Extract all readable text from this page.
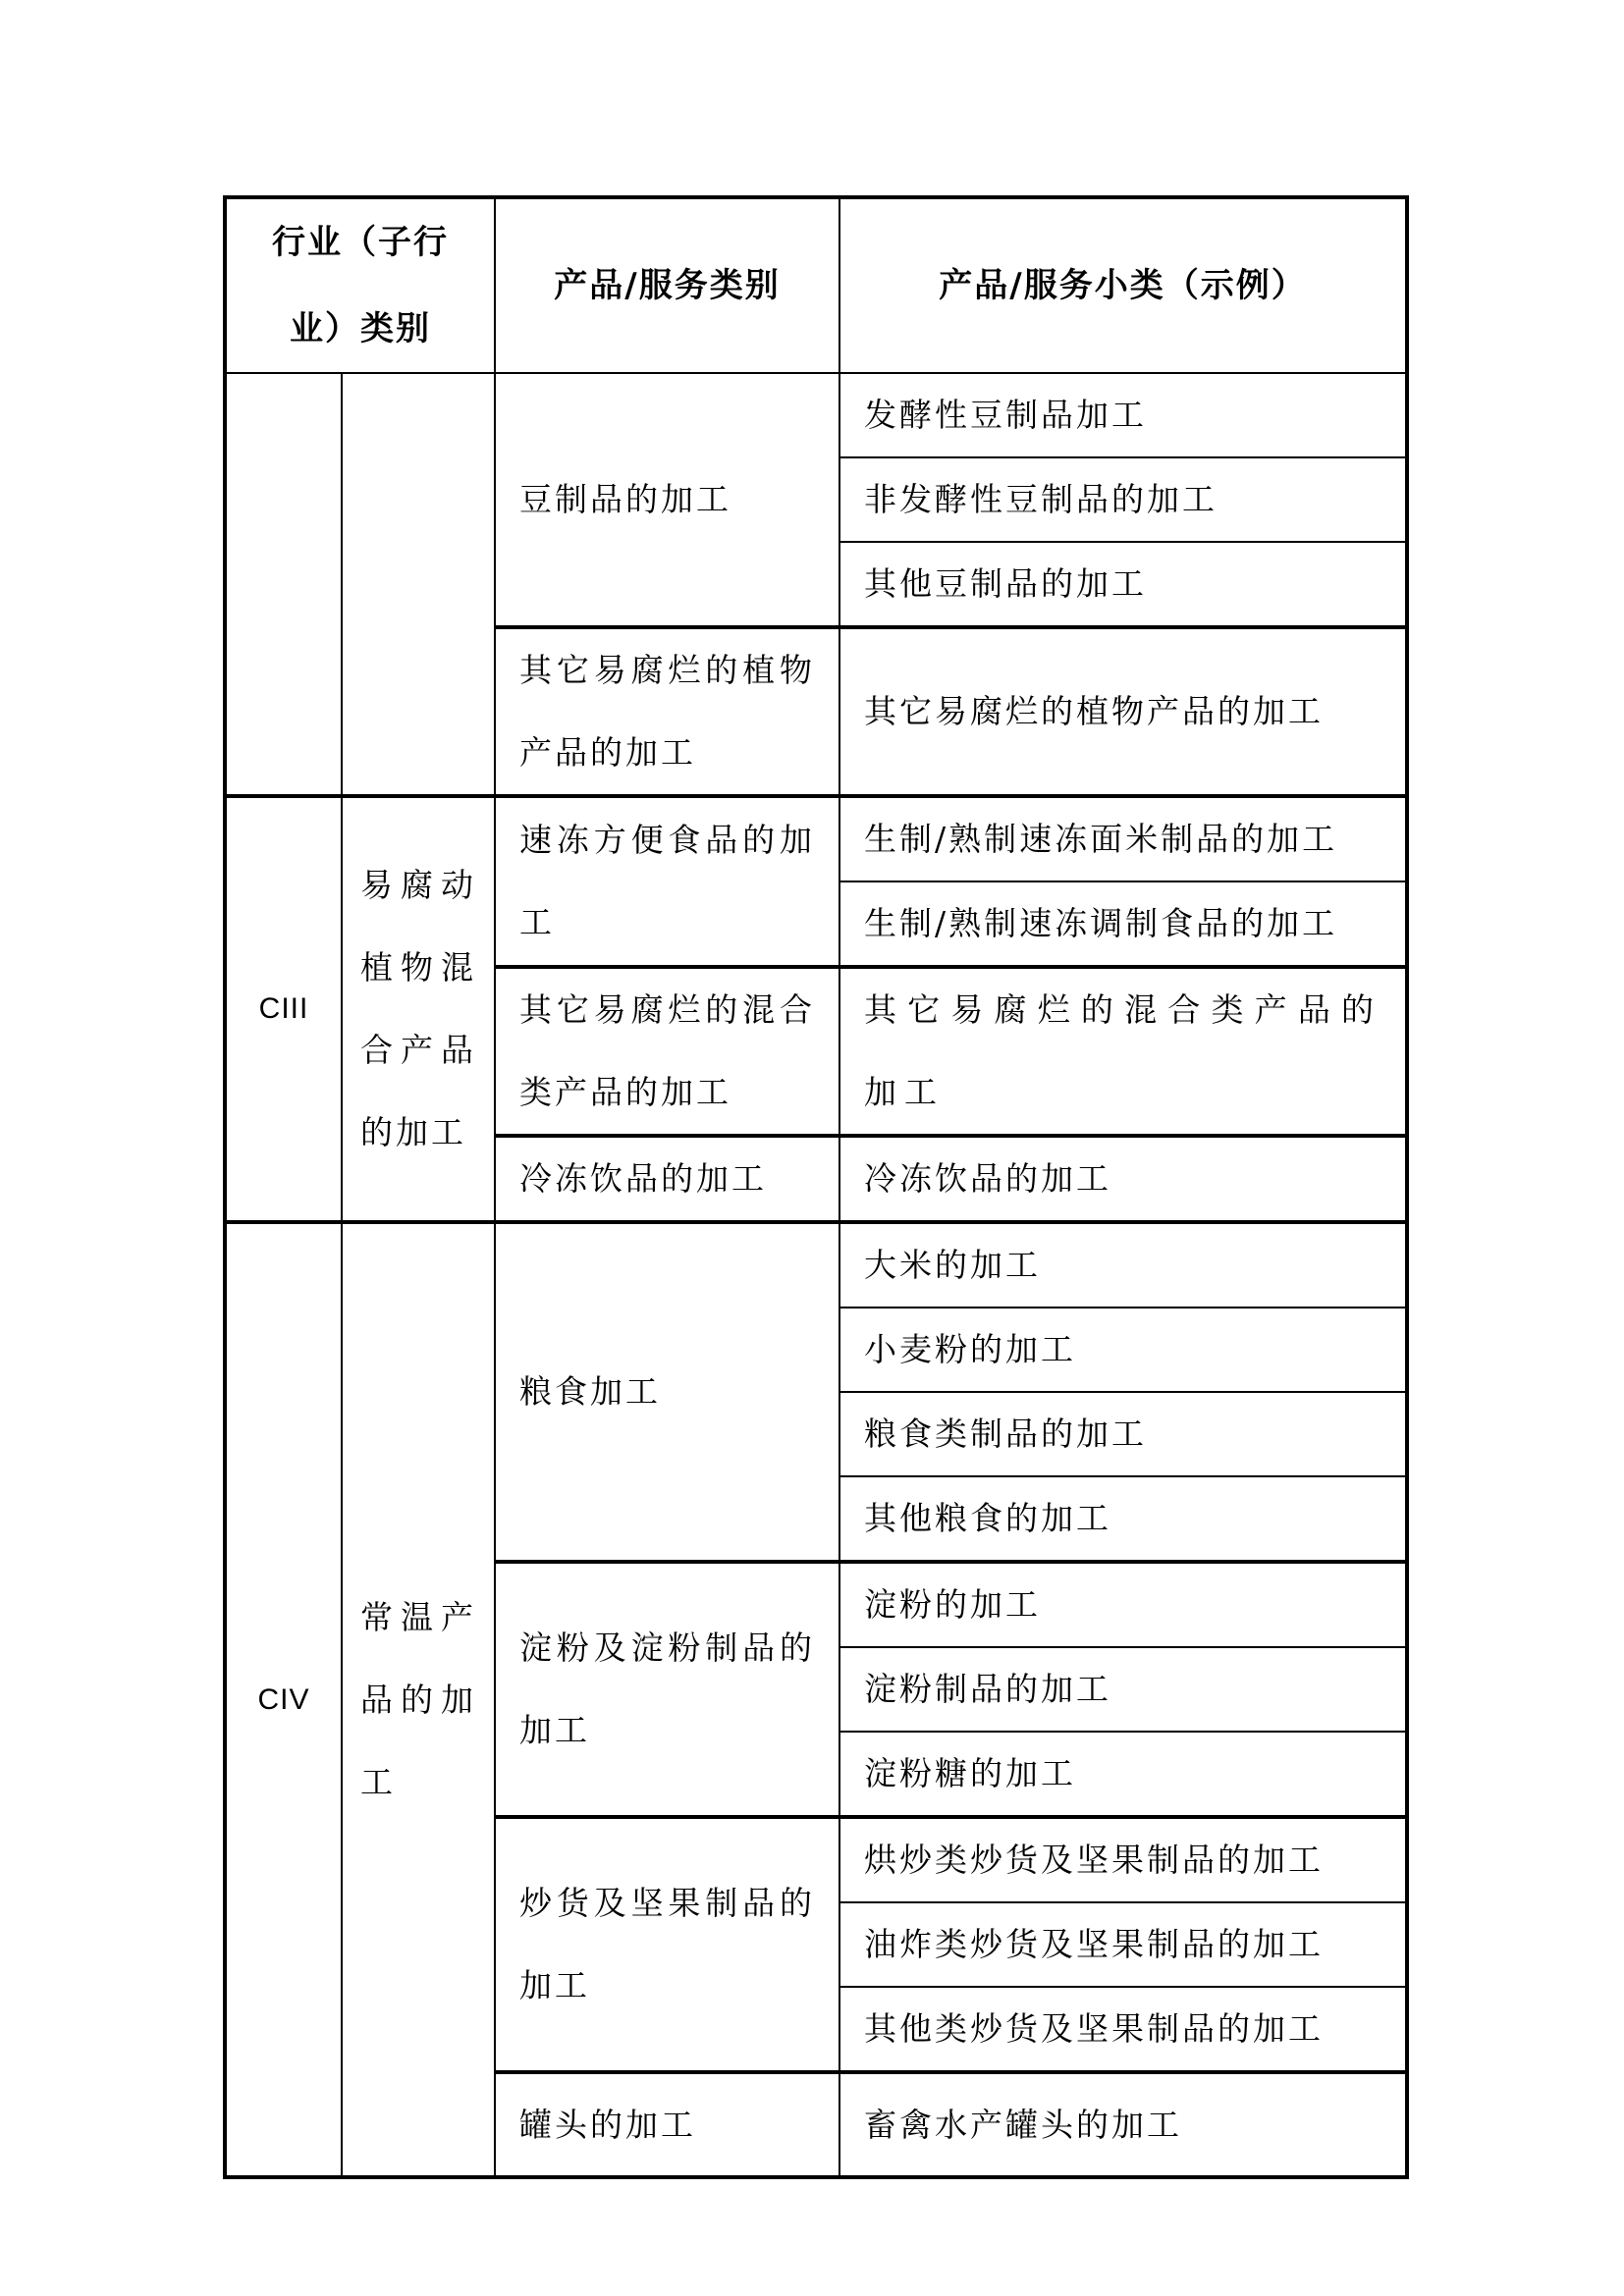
行业（子行业）类别		产品/服务类别	产品/服务小类（示例）
		豆制品的加工	发酵性豆制品加工
			非发酵性豆制品的加工
			其他豆制品的加工
		其它易腐烂的植物产品的加工	其它易腐烂的植物产品的加工
CIII	易腐动植物混合产品的加工	速冻方便食品的加工	生制/熟制速冻面米制品的加工
			生制/熟制速冻调制食品的加工
		其它易腐烂的混合类产品的加工	其它易腐烂的混合类产品的加工
		冷冻饮品的加工	冷冻饮品的加工
CIV	常温产品的加工	粮食加工	大米的加工
			小麦粉的加工
			粮食类制品的加工
			其他粮食的加工
		淀粉及淀粉制品的加工	淀粉的加工
			淀粉制品的加工
			淀粉糖的加工
		炒货及坚果制品的加工	烘炒类炒货及坚果制品的加工
			油炸类炒货及坚果制品的加工
			其他类炒货及坚果制品的加工
		罐头的加工	畜禽水产罐头的加工
